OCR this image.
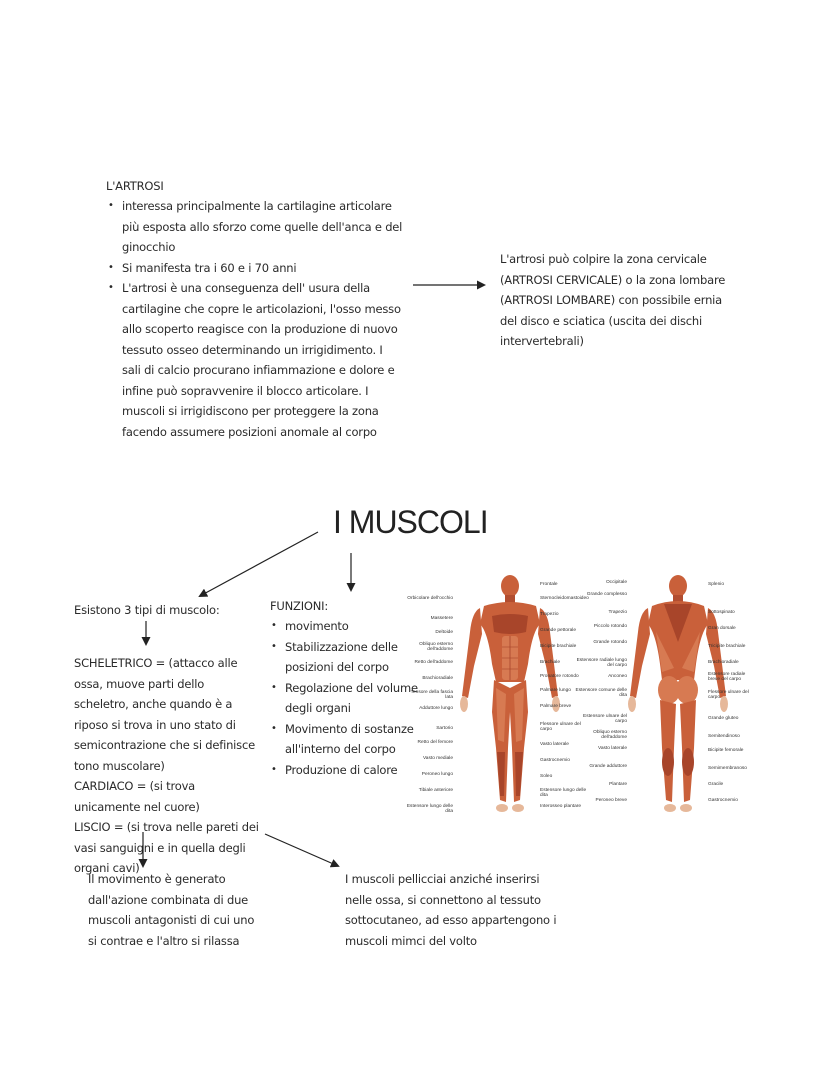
L'ARTROSI
• interessa principalmente la cartilagine articolare più esposta allo sforzo come quelle dell'anca e del ginocchio
• Si manifesta tra i 60 e i 70 anni
• L'artrosi è una conseguenza dell' usura della cartilagine che copre le articolazioni, l'osso messo allo scoperto reagisce con la produzione di nuovo tessuto osseo determinando un irrigidimento. I sali di calcio procurano infiammazione e dolore e infine può sopravvenire il blocco articolare. I muscoli si irrigidiscono per proteggere la zona facendo assumere posizioni anomale al corpo
L'artrosi può colpire la zona cervicale (ARTROSI CERVICALE) o la zona lombare (ARTROSI LOMBARE) con possibile ernia del disco e sciatica (uscita dei dischi intervertebrali)
I MUSCOLI
Esistono 3 tipi di muscolo:
SCHELETRICO = (attacco alle ossa, muove parti dello scheletro, anche quando è a riposo si trova in uno stato di semicontrazione che si definisce tono muscolare)
CARDIACO = (si trova unicamente nel cuore)
LISCIO = (si trova nelle pareti dei vasi sanguigni e in quella degli organi cavi)
FUNZIONI:
• movimento
• Stabilizzazione delle posizioni del corpo
• Regolazione del volume degli organi
• Movimento di sostanze all'interno del corpo
• Produzione di calore
Il movimento è generato dall'azione combinata di due muscoli antagonisti di cui uno si contrae e l'altro si rilassa
I muscoli pellicciai anziché inserirsi nelle ossa, si connettono al tessuto sottocutaneo, ad esso appartengono i muscoli mimci del volto
Orbicolare dell'occhio
Massetere
Deltoide
Obliquo esterno dell'addome
Retto dell'addome
Brachioradiale
Tensore della fascia lata
Adduttore lungo
Sartorio
Retto del femore
Vasto mediale
Peroneo lungo
Tibiale anteriore
Estensore lungo delle dita
Frontale
Sternocleidomastoideo
Trapezio
Grande pettorale
Bicipite brachiale
Brachiale
Pronatore rotondo
Palmare lungo
Palmare breve
Flessore ulnare del carpo
Vasto laterale
Gastrocnemio
Soleo
Estensore lungo delle dita
Interosseo plantare
Occipitale
Grande complesso
Trapezio
Piccolo rotondo
Grande rotondo
Estensore radiale lungo del carpo
Anconeo
Estensore comune delle dita
Estensore ulnare del carpo
Obliquo esterno dell'addome
Vasto laterale
Grande adduttore
Plantare
Peroneo breve
Splenio
Sottospinato
Gran dorsale
Tricipite brachiale
Brachioradiale
Estensore radiale breve del carpo
Flessore ulnare del carpo
Grande gluteo
Semitendinoso
Bicipite femorale
Semimembranoso
Gracile
Gastrocnemio
